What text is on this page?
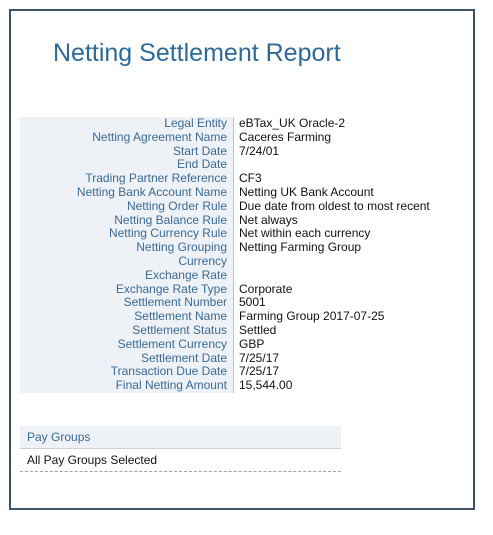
Netting Settlement Report
Legal Entity	eBTax_UK Oracle-2
Netting Agreement Name	Caceres Farming
Start Date	7/24/01
End Date	
Trading Partner Reference	CF3
Netting Bank Account Name	Netting UK Bank Account
Netting Order Rule	Due date from oldest to most recent
Netting Balance Rule	Net always
Netting Currency Rule	Net within each currency
Netting Grouping	Netting Farming Group
Currency	
Exchange Rate	
Exchange Rate Type	Corporate
Settlement Number	5001
Settlement Name	Farming Group 2017-07-25
Settlement Status	Settled
Settlement Currency	GBP
Settlement Date	7/25/17
Transaction Due Date	7/25/17
Final Netting Amount	15,544.00
Pay Groups
All Pay Groups Selected
